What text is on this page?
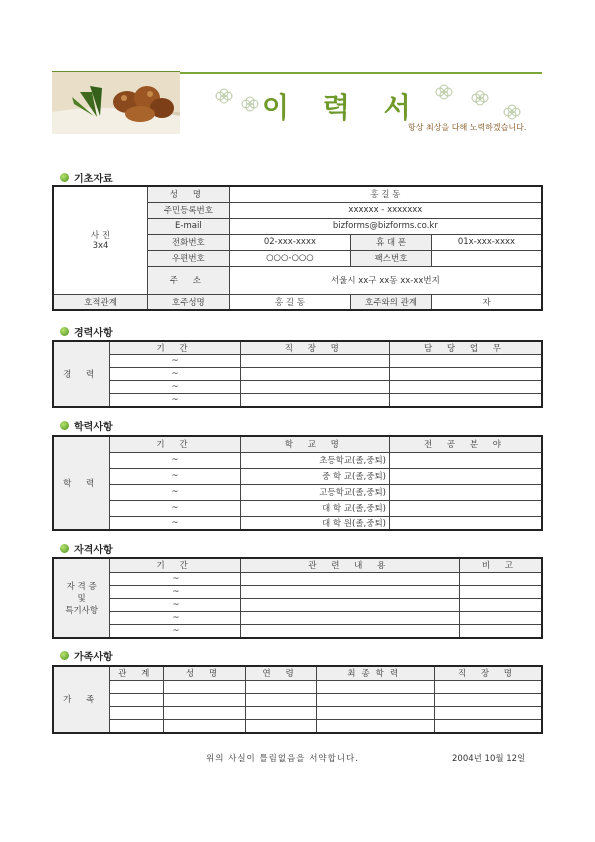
이 력 서
항상 최상을 다해 노력하겠습니다.
기초자료
사 진
3x4	성 명	홍 길 동		
	주민등록번호	xxxxxx - xxxxxxx		
	E-mail	bizforms@bizforms.co.kr		
	전화번호	02-xxx-xxxx	휴 대 폰	01x-xxx-xxxx
	우편번호	○○○-○○○	팩스번호	
	주 소	서울시 xx구 xx동 xx-xx번지		
호적관계	호주성명	홍 길 동	호주와의 관계	자
경력사항
경 력	기 간	직 장 명	담 당 업 무
	~		
	~		
	~		
	~		
학력사항
학 력	기 간	학 교 명	전 공 분 야
	~	초등학교(졸,중퇴)	
	~	중 학 교(졸,중퇴)	
	~	고등학교(졸,중퇴)	
	~	대 학 교(졸,중퇴)	
	~	대 학 원(졸,중퇴)	
자격사항
자 격 증
및
특기사항	기 간	관 련 내 용	비 고
	~		
	~		
	~		
	~		
	~		
가족사항
가 족	관 계	성 명	연 령	최종학력	직 장 명

위의 사실이 틀림없음을 서약합니다.	2004년 10월 12일
